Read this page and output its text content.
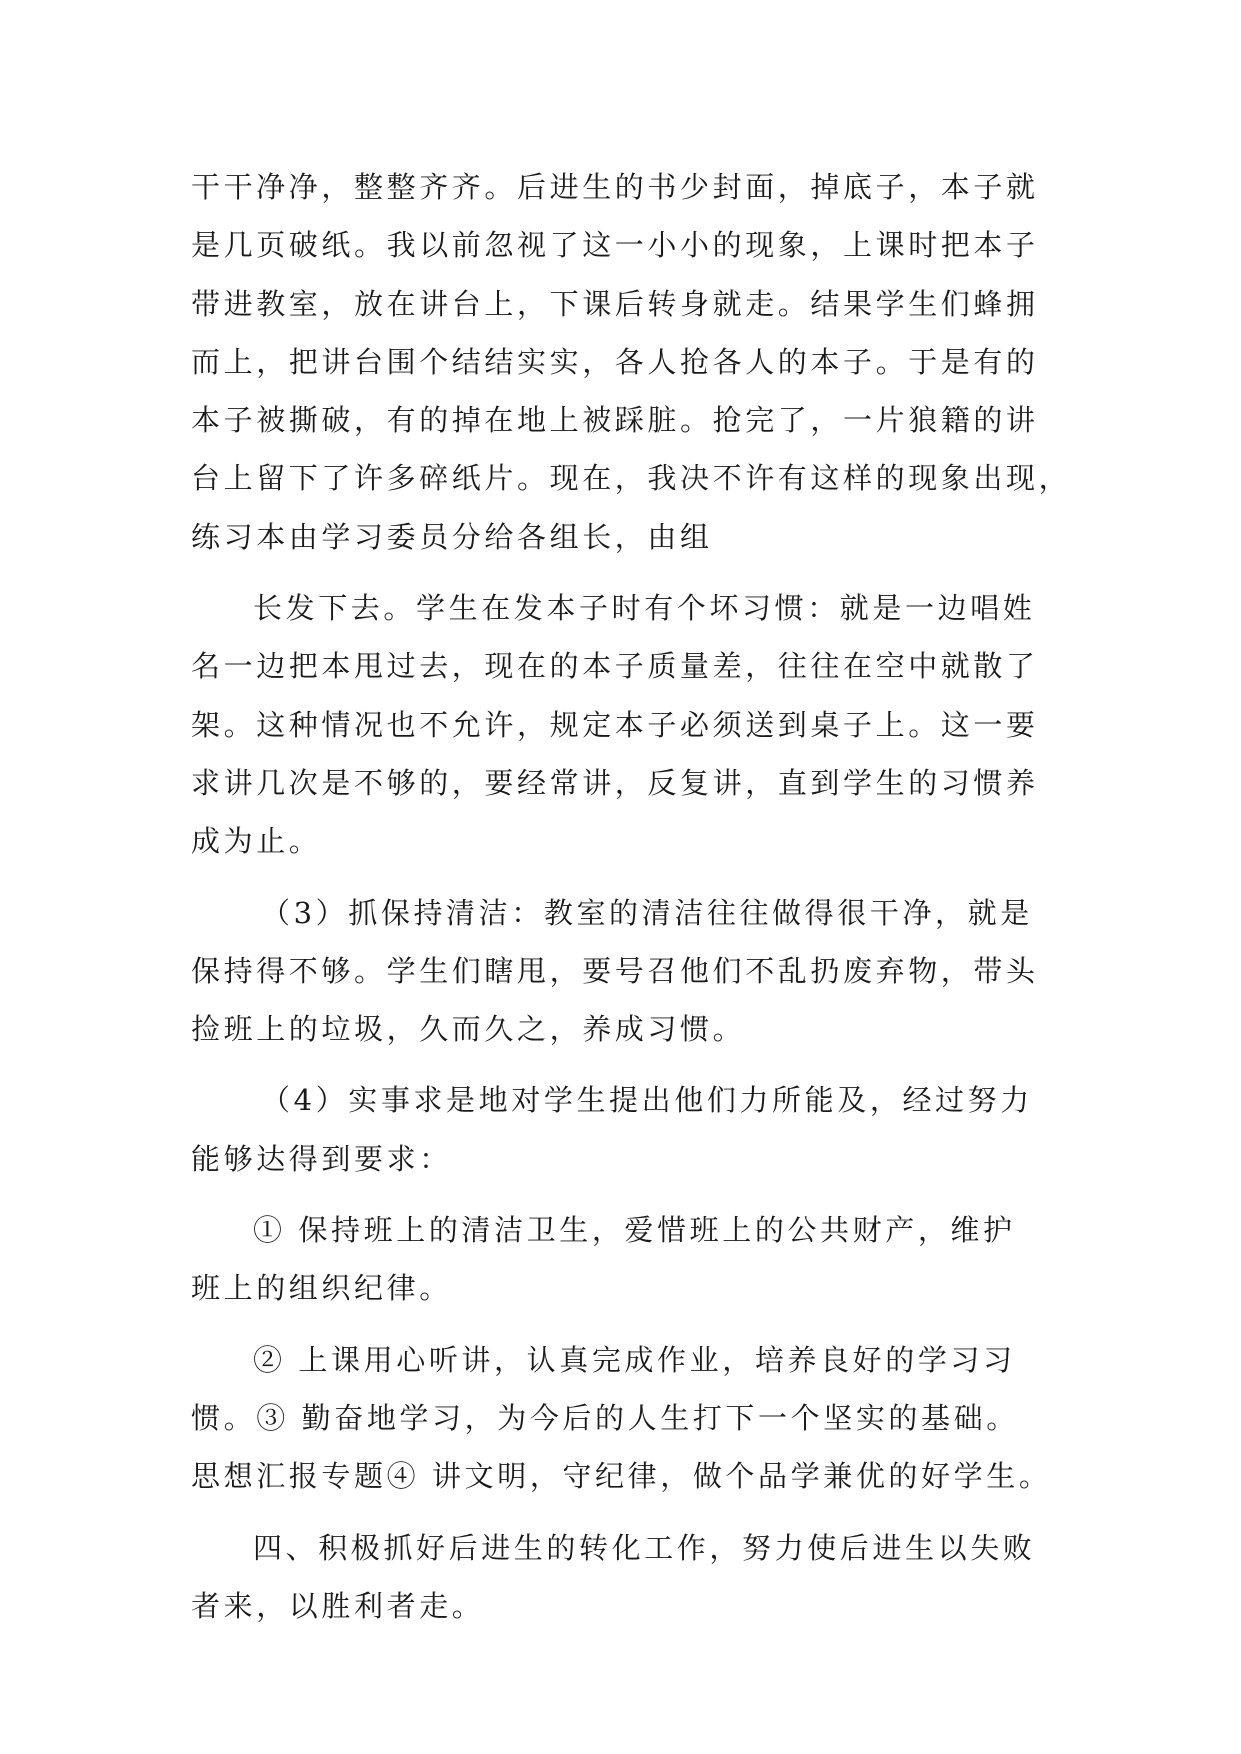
干干净净，整整齐齐。后进生的书少封面，掉底子，本子就
是几页破纸。我以前忽视了这一小小的现象，上课时把本子
带进教室，放在讲台上，下课后转身就走。结果学生们蜂拥
而上，把讲台围个结结实实，各人抢各人的本子。于是有的
本子被撕破，有的掉在地上被踩脏。抢完了，一片狼籍的讲
台上留下了许多碎纸片。现在，我决不许有这样的现象出现，
练习本由学习委员分给各组长，由组
长发下去。学生在发本子时有个坏习惯：就是一边唱姓
名一边把本甩过去，现在的本子质量差，往往在空中就散了
架。这种情况也不允许，规定本子必须送到桌子上。这一要
求讲几次是不够的，要经常讲，反复讲，直到学生的习惯养
成为止。
（3）抓保持清洁：教室的清洁往往做得很干净，就是
保持得不够。学生们瞎甩，要号召他们不乱扔废弃物，带头
捡班上的垃圾，久而久之，养成习惯。
（4）实事求是地对学生提出他们力所能及，经过努力
能够达得到要求：
① 保持班上的清洁卫生，爱惜班上的公共财产，维护
班上的组织纪律。
② 上课用心听讲，认真完成作业，培养良好的学习习
惯。③ 勤奋地学习，为今后的人生打下一个坚实的基础。
思想汇报专题④ 讲文明，守纪律，做个品学兼优的好学生。
四、积极抓好后进生的转化工作，努力使后进生以失败
者来，以胜利者走。
